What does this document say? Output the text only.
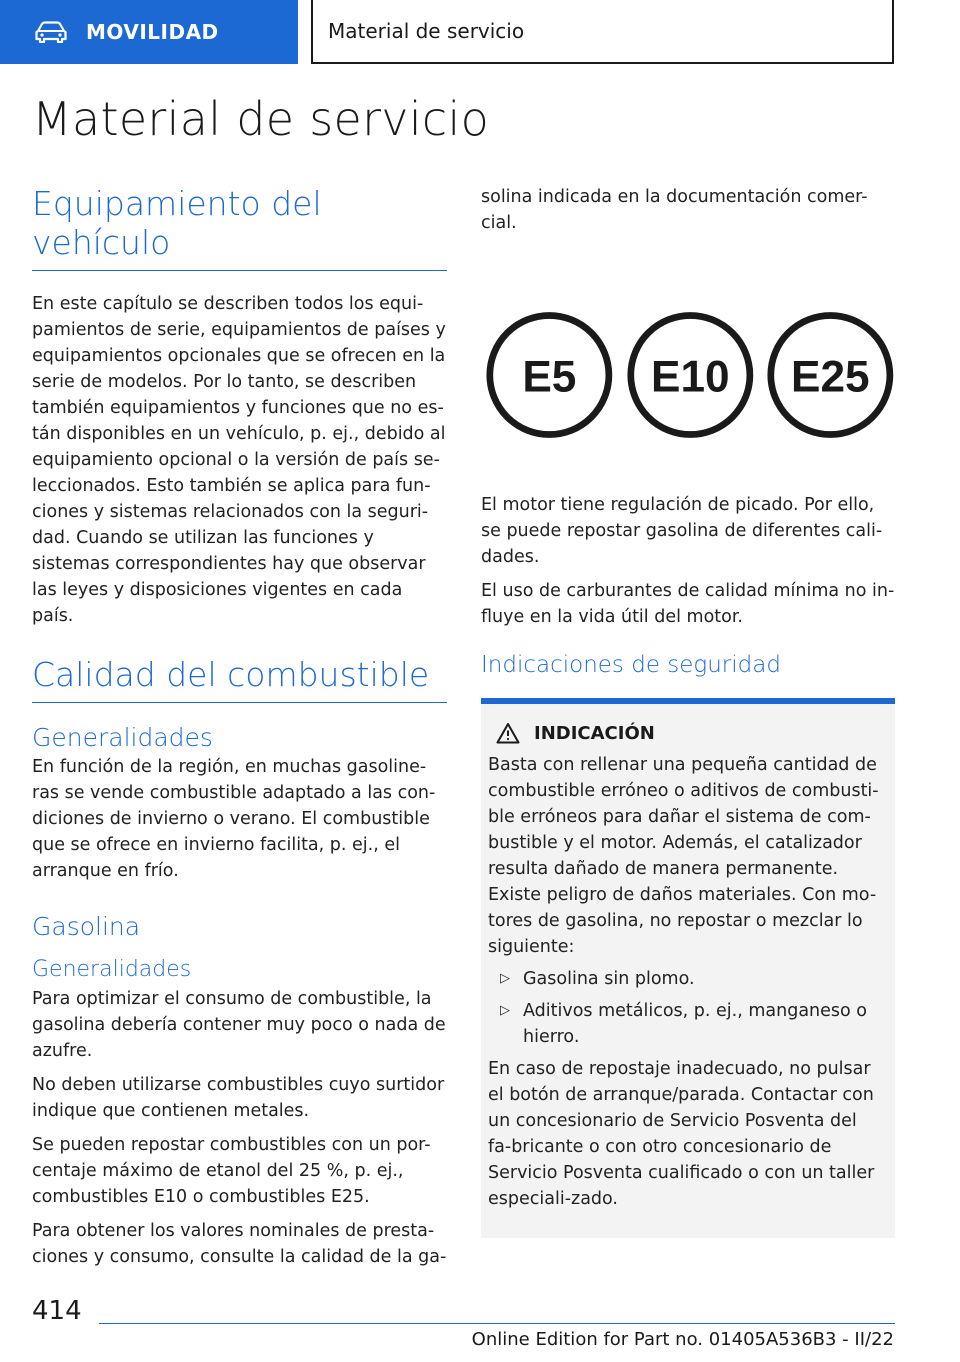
MOVILIDAD	Material de servicio
Material de servicio
Equipamiento del vehículo

En este capítulo se describen todos los equi-pamientos de serie, equipamientos de países y equipamientos opcionales que se ofrecen en la serie de modelos. Por lo tanto, se describen también equipamientos y funciones que no es-tán disponibles en un vehículo, p. ej., debido al equipamiento opcional o la versión de país se-leccionados. Esto también se aplica para fun-ciones y sistemas relacionados con la seguri-dad. Cuando se utilizan las funciones y sistemas correspondientes hay que observar las leyes y disposiciones vigentes en cada país.

Calidad del combustible
Generalidades

En función de la región, en muchas gasoline-ras se vende combustible adaptado a las con-diciones de invierno o verano. El combustible que se ofrece en invierno facilita, p. ej., el arranque en frío.

Gasolina
Generalidades

Para optimizar el consumo de combustible, la gasolina debería contener muy poco o nada de azufre.

No deben utilizarse combustibles cuyo surtidor indique que contienen metales.

Se pueden repostar combustibles con un por-centaje máximo de etanol del 25 %, p. ej., combustibles E10 o combustibles E25.

Para obtener los valores nominales de presta-ciones y consumo, consulte la calidad de la ga-

solina indicada en la documentación comer-cial.

E5 E10 E25

El motor tiene regulación de picado. Por ello, se puede repostar gasolina de diferentes cali-dades.

El uso de carburantes de calidad mínima no in-fluye en la vida útil del motor.

Indicaciones de seguridad
INDICACIÓN

Basta con rellenar una pequeña cantidad de combustible erróneo o aditivos de combusti-ble erróneos para dañar el sistema de com-bustible y el motor. Además, el catalizador resulta dañado de manera permanente.

Existe peligro de daños materiales. Con mo-tores de gasolina, no repostar o mezclar lo siguiente:

▷ Gasolina sin plomo.
▷ Aditivos metálicos, p. ej., manganeso o hierro.

En caso de repostaje inadecuado, no pulsar el botón de arranque/parada. Contactar con un concesionario de Servicio Posventa del fa-bricante o con otro concesionario de Servicio Posventa cualificado o con un taller especiali-zado.

414
Online Edition for Part no. 01405A536B3 - II/22
